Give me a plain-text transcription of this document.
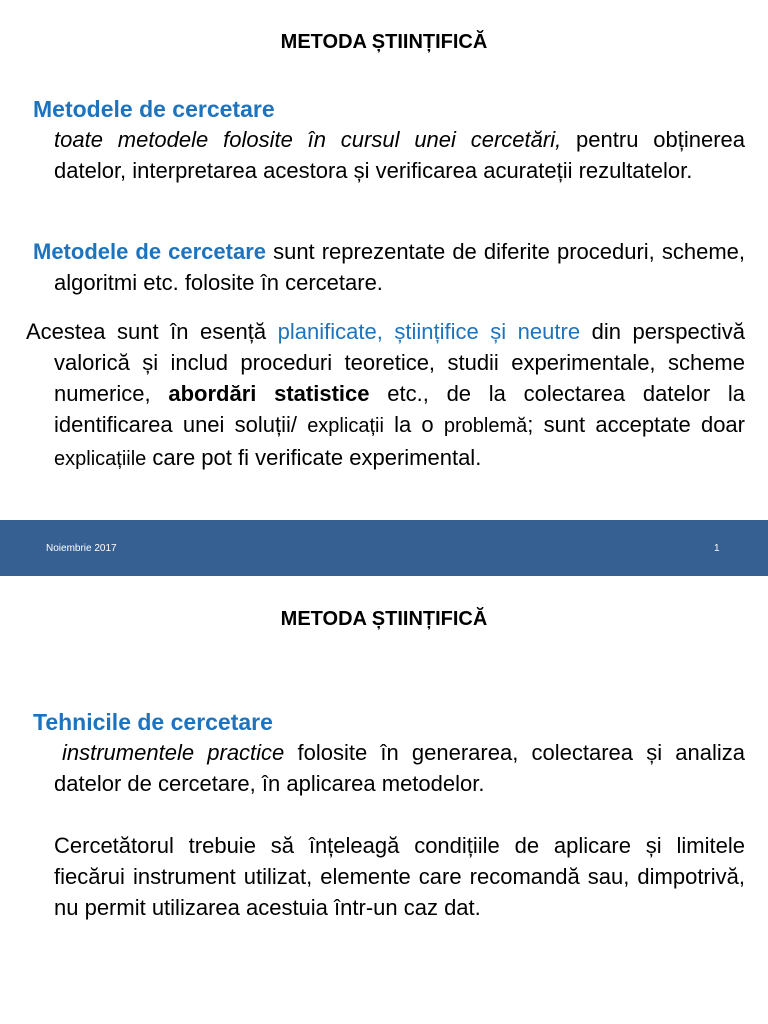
METODA ȘTIINȚIFICĂ
Metodele de cercetare
toate metodele folosite în cursul unei cercetări, pentru obținerea datelor, interpretarea acestora și verificarea acurateții rezultatelor.
Metodele de cercetare sunt reprezentate de diferite proceduri, scheme, algoritmi etc. folosite în cercetare.
Acestea sunt în esență planificate, științifice și neutre din perspectivă valorică și includ proceduri teoretice, studii experimentale, scheme numerice, abordări statistice etc., de la colectarea datelor la identificarea unei soluții/ explicații la o problemă; sunt acceptate doar explicațiile care pot fi verificate experimental.
Noiembrie 2017	1
METODA ȘTIINȚIFICĂ
Tehnicile de cercetare
instrumentele practice folosite în generarea, colectarea și analiza datelor de cercetare, în aplicarea metodelor.
Cercetătorul trebuie să înțeleagă condițiile de aplicare și limitele fiecărui instrument utilizat, elemente care recomandă sau, dimpotrivă, nu permit utilizarea acestuia într-un caz dat.
